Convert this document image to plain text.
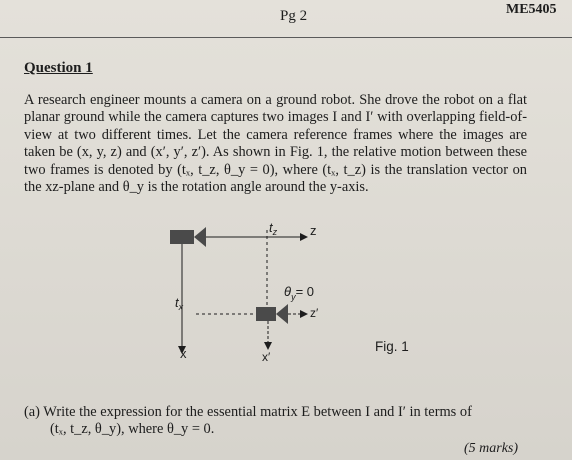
Pg 2	ME5405
Question 1
A research engineer mounts a camera on a ground robot. She drove the robot on a flat planar ground while the camera captures two images I and I′ with overlapping field-of- view at two different times. Let the camera reference frames where the images are taken be (x, y, z) and (x′, y′, z′). As shown in Fig. 1, the relative motion between these two frames is denoted by (tₓ, t_z, θ_y = 0), where (tₓ, t_z) is the translation vector on the xz-plane and θ_y is the rotation angle around the y-axis.
$t_z$	z
$\theta_y= 0$
z′
$t_x$
x	x′
Fig. 1
(a) Write the expression for the essential matrix E between I and I′ in terms of
(tₓ, t_z, θ_y), where θ_y = 0.
(5 marks)
